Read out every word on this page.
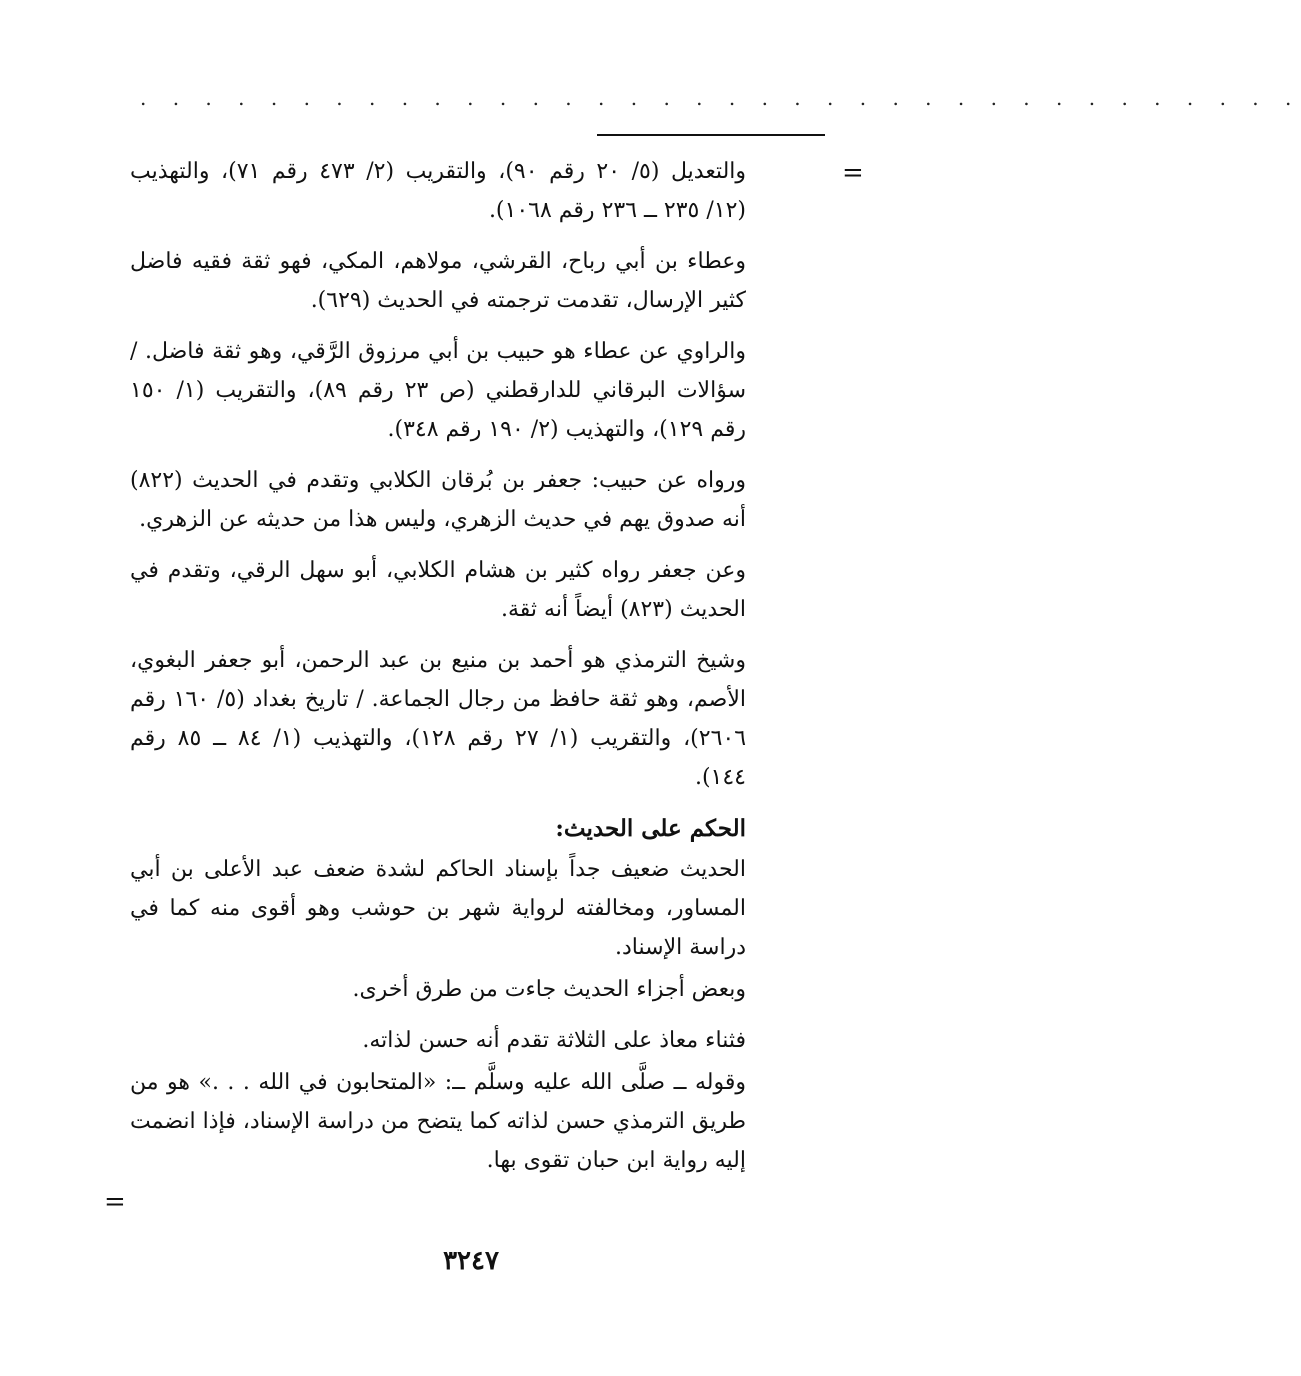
. . . . . . . . . . . . . . . . . . . . . . . . . . . . . . . . . . . .
=
=

والتعديل (٥/ ٢٠ رقم ٩٠)، والتقريب (٢/ ٤٧٣ رقم ٧١)، والتهذيب (١٢/ ٢٣٥ ــ ٢٣٦ رقم ١٠٦٨).

وعطاء بن أبي رباح، القرشي، مولاهم، المكي، فهو ثقة فقيه فاضل كثير الإرسال، تقدمت ترجمته في الحديث (٦٢٩).

والراوي عن عطاء هو حبيب بن أبي مرزوق الرَّقي، وهو ثقة فاضل. / سؤالات البرقاني للدارقطني (ص ٢٣ رقم ٨٩)، والتقريب (١/ ١٥٠ رقم ١٢٩)، والتهذيب (٢/ ١٩٠ رقم ٣٤٨).

ورواه عن حبيب: جعفر بن بُرقان الكلابي وتقدم في الحديث (٨٢٢) أنه صدوق يهم في حديث الزهري، وليس هذا من حديثه عن الزهري.

وعن جعفر رواه كثير بن هشام الكلابي، أبو سهل الرقي، وتقدم في الحديث (٨٢٣) أيضاً أنه ثقة.

وشيخ الترمذي هو أحمد بن منيع بن عبد الرحمن، أبو جعفر البغوي، الأصم، وهو ثقة حافظ من رجال الجماعة. / تاريخ بغداد (٥/ ١٦٠ رقم ٢٦٠٦)، والتقريب (١/ ٢٧ رقم ١٢٨)، والتهذيب (١/ ٨٤ ــ ٨٥ رقم ١٤٤).

الحكم على الحديث:

الحديث ضعيف جداً بإسناد الحاكم لشدة ضعف عبد الأعلى بن أبي المساور، ومخالفته لرواية شهر بن حوشب وهو أقوى منه كما في دراسة الإسناد.

وبعض أجزاء الحديث جاءت من طرق أخرى.

فثناء معاذ على الثلاثة تقدم أنه حسن لذاته.

وقوله ــ صلَّى الله عليه وسلَّم ــ: «المتحابون في الله . . .» هو من طريق الترمذي حسن لذاته كما يتضح من دراسة الإسناد، فإذا انضمت إليه رواية ابن حبان تقوى بها.

٣٢٤٧
